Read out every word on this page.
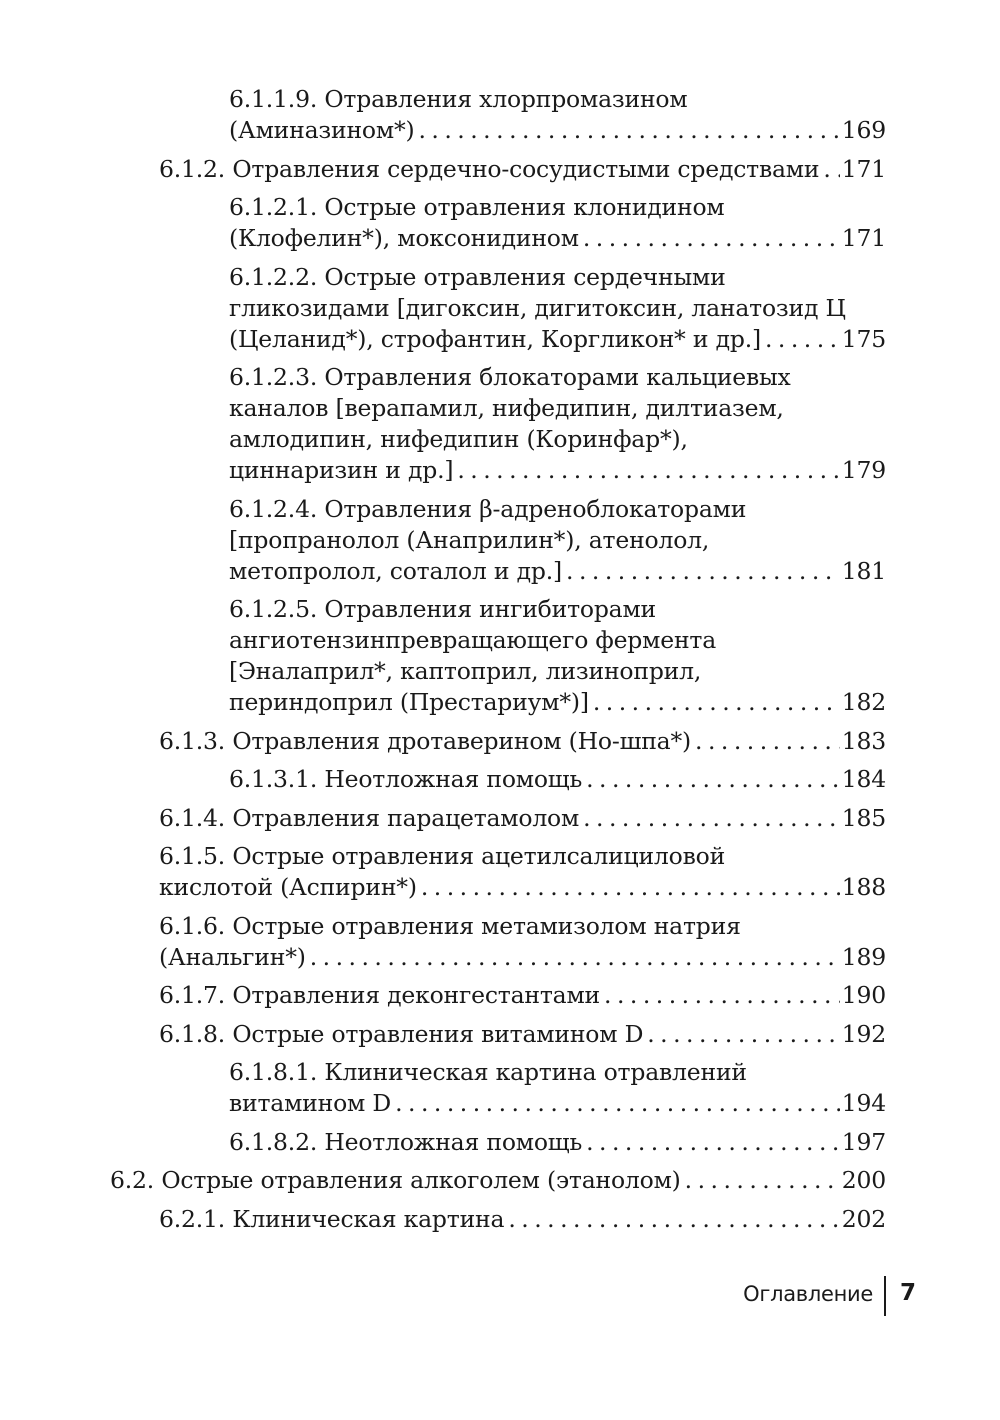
6.1.1.9. Отравления хлорпромазином
(Аминазином*) . . .	169
6.1.2. Отравления сердечно-сосудистыми средствами . . . 171
6.1.2.1. Острые отравления клонидином
(Клофелин*), моксонидином . . .	171
6.1.2.2. Острые отравления сердечными
гликозидами [дигоксин, дигитоксин, ланатозид Ц
(Целанид*), строфантин, Коргликон* и др.] . . .	175
6.1.2.3. Отравления блокаторами кальциевых
каналов [верапамил, нифедипин, дилтиазем,
амлодипин, нифедипин (Коринфар*),
циннаризин и др.] . . .	179
6.1.2.4. Отравления β-адреноблокаторами
[пропранолол (Анаприлин*), атенолол,
метопролол, соталол и др.] . . .	181
6.1.2.5. Отравления ингибиторами
ангиотензинпревращающего фермента
[Эналаприл*, каптоприл, лизиноприл,
периндоприл (Престариум*)] . . .	182
6.1.3. Отравления дротаверином (Но-шпа*) . . .	183
6.1.3.1. Неотложная помощь . . .	184
6.1.4. Отравления парацетамолом . . .	185
6.1.5. Острые отравления ацетилсалициловой
кислотой (Аспирин*) . . .	188
6.1.6. Острые отравления метамизолом натрия
(Анальгин*) . . .	189
6.1.7. Отравления деконгестантами . . .	190
6.1.8. Острые отравления витамином D . . .	192
6.1.8.1. Клиническая картина отравлений
витамином D . . .	194
6.1.8.2. Неотложная помощь . . .	197
6.2. Острые отравления алкоголем (этанолом) . . .	200
6.2.1. Клиническая картина . . .	202
Оглавление 7
